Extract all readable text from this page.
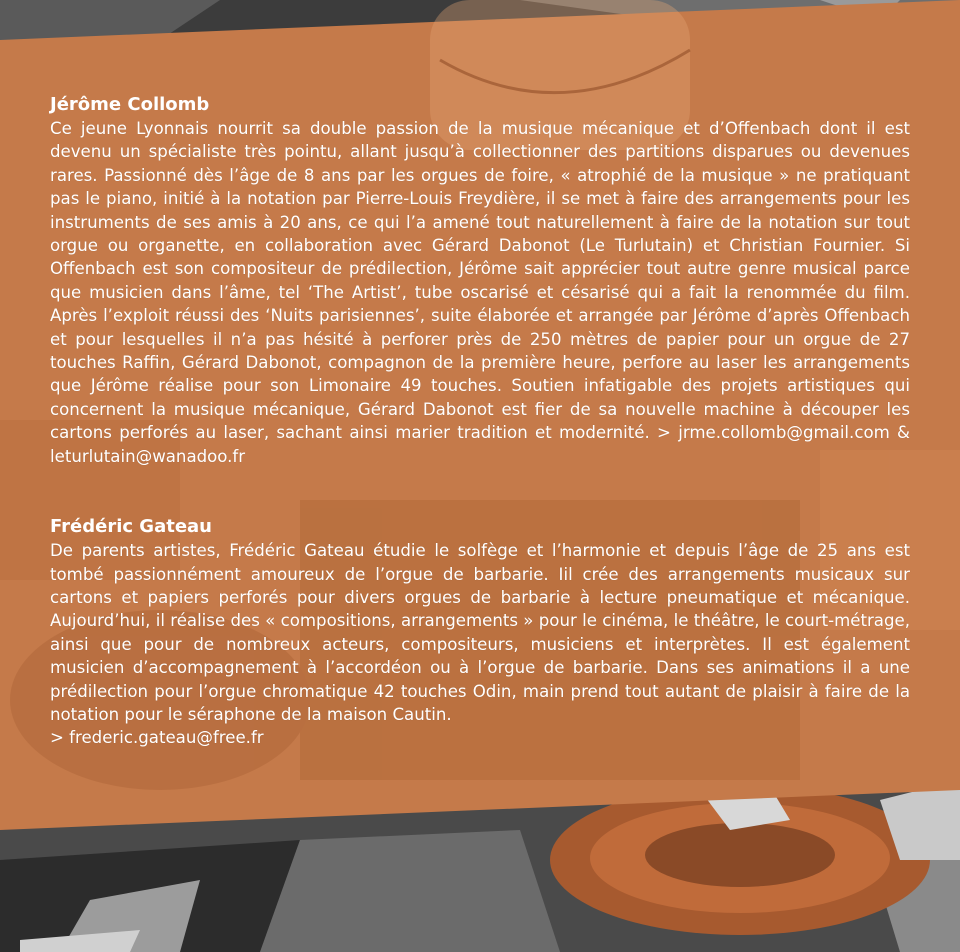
Jérôme Collomb

Ce jeune Lyonnais nourrit sa double passion de la musique mécanique et d’Offenbach dont il est devenu un spécialiste très pointu, allant jusqu’à collectionner des partitions disparues ou devenues rares. Passionné dès l’âge de 8 ans par les orgues de foire, « atrophié de la musique » ne pratiquant pas le piano, initié à la notation par Pierre-Louis Freydière, il se met à faire des arrangements pour les instruments de ses amis à 20 ans, ce qui l’a amené tout naturellement à faire de la notation sur tout orgue ou organette, en collaboration avec Gérard Dabonot (Le Turlutain) et Christian Fournier. Si Offenbach est son compositeur de prédilection, Jérôme sait apprécier tout autre genre musical parce que musicien dans l’âme, tel ‘The Artist’, tube oscarisé et césarisé qui a fait la renommée du film. Après l’exploit réussi des ‘Nuits parisiennes’, suite élaborée et arrangée par Jérôme d’après Offenbach et pour lesquelles il n’a pas hésité à perforer près de 250 mètres de papier pour un orgue de 27 touches Raffin, Gérard Dabonot, compagnon de la première heure, perfore au laser les arrangements que Jérôme réalise pour son Limonaire 49 touches. Soutien infatigable des projets artistiques qui concernent la musique mécanique, Gérard Dabonot est fier de sa nouvelle machine à découper les cartons perforés au laser, sachant ainsi marier tradition et modernité. > jrme.collomb@gmail.com & leturlutain@wanadoo.fr

Frédéric Gateau

De parents artistes, Frédéric Gateau étudie le solfège et l’harmonie et depuis l’âge de 25 ans est tombé passionnément amoureux de l’orgue de barbarie. Iil crée des arrangements musicaux sur cartons et papiers perforés pour divers orgues de barbarie à lecture pneumatique et mécanique. Aujourd’hui, il réalise des « compositions, arrangements » pour le cinéma, le théâtre, le court-métrage, ainsi que pour de nombreux acteurs, compositeurs, musiciens et interprètes. Il est également musicien d’accompagnement à l’accordéon ou à l’orgue de barbarie. Dans ses animations il a une prédilection pour l’orgue chromatique 42 touches Odin, main prend tout autant de plaisir à faire de la notation pour le séraphone de la maison Cautin.
> frederic.gateau@free.fr
